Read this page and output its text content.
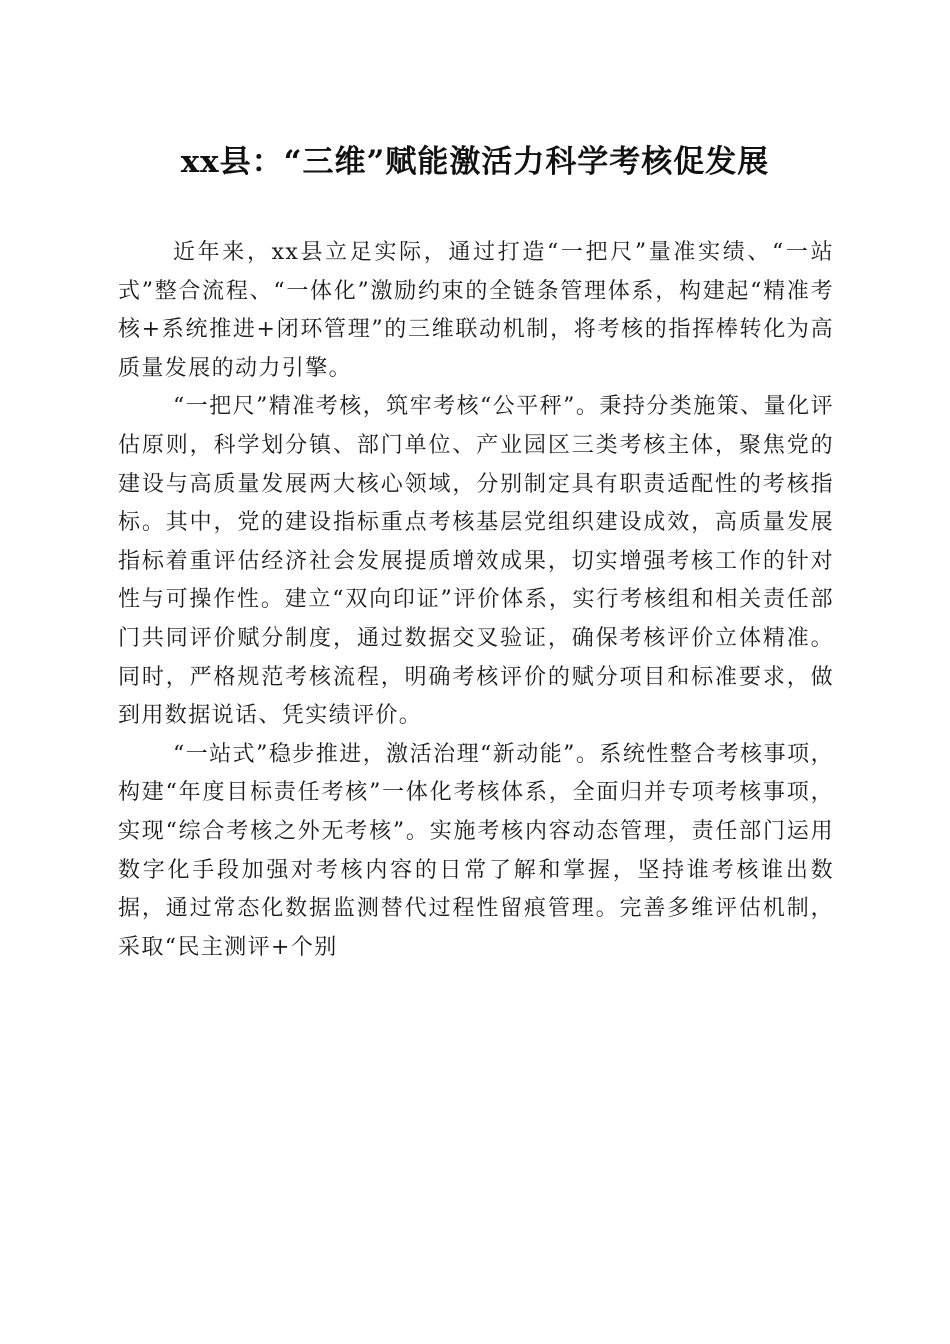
xx县：“三维”赋能激活力科学考核促发展

近年来，xx县立足实际，通过打造“一把尺”量准实绩、“一站式”整合流程、“一体化”激励约束的全链条管理体系，构建起“精准考核+系统推进+闭环管理”的三维联动机制，将考核的指挥棒转化为高质量发展的动力引擎。

“一把尺”精准考核，筑牢考核“公平秤”。秉持分类施策、量化评估原则，科学划分镇、部门单位、产业园区三类考核主体，聚焦党的建设与高质量发展两大核心领域，分别制定具有职责适配性的考核指标。其中，党的建设指标重点考核基层党组织建设成效，高质量发展指标着重评估经济社会发展提质增效成果，切实增强考核工作的针对性与可操作性。建立“双向印证”评价体系，实行考核组和相关责任部门共同评价赋分制度，通过数据交叉验证，确保考核评价立体精准。同时，严格规范考核流程，明确考核评价的赋分项目和标准要求，做到用数据说话、凭实绩评价。

“一站式”稳步推进，激活治理“新动能”。系统性整合考核事项，构建“年度目标责任考核”一体化考核体系，全面归并专项考核事项，实现“综合考核之外无考核”。实施考核内容动态管理，责任部门运用数字化手段加强对考核内容的日常了解和掌握，坚持谁考核谁出数据，通过常态化数据监测替代过程性留痕管理。完善多维评估机制，采取“民主测评+个别
